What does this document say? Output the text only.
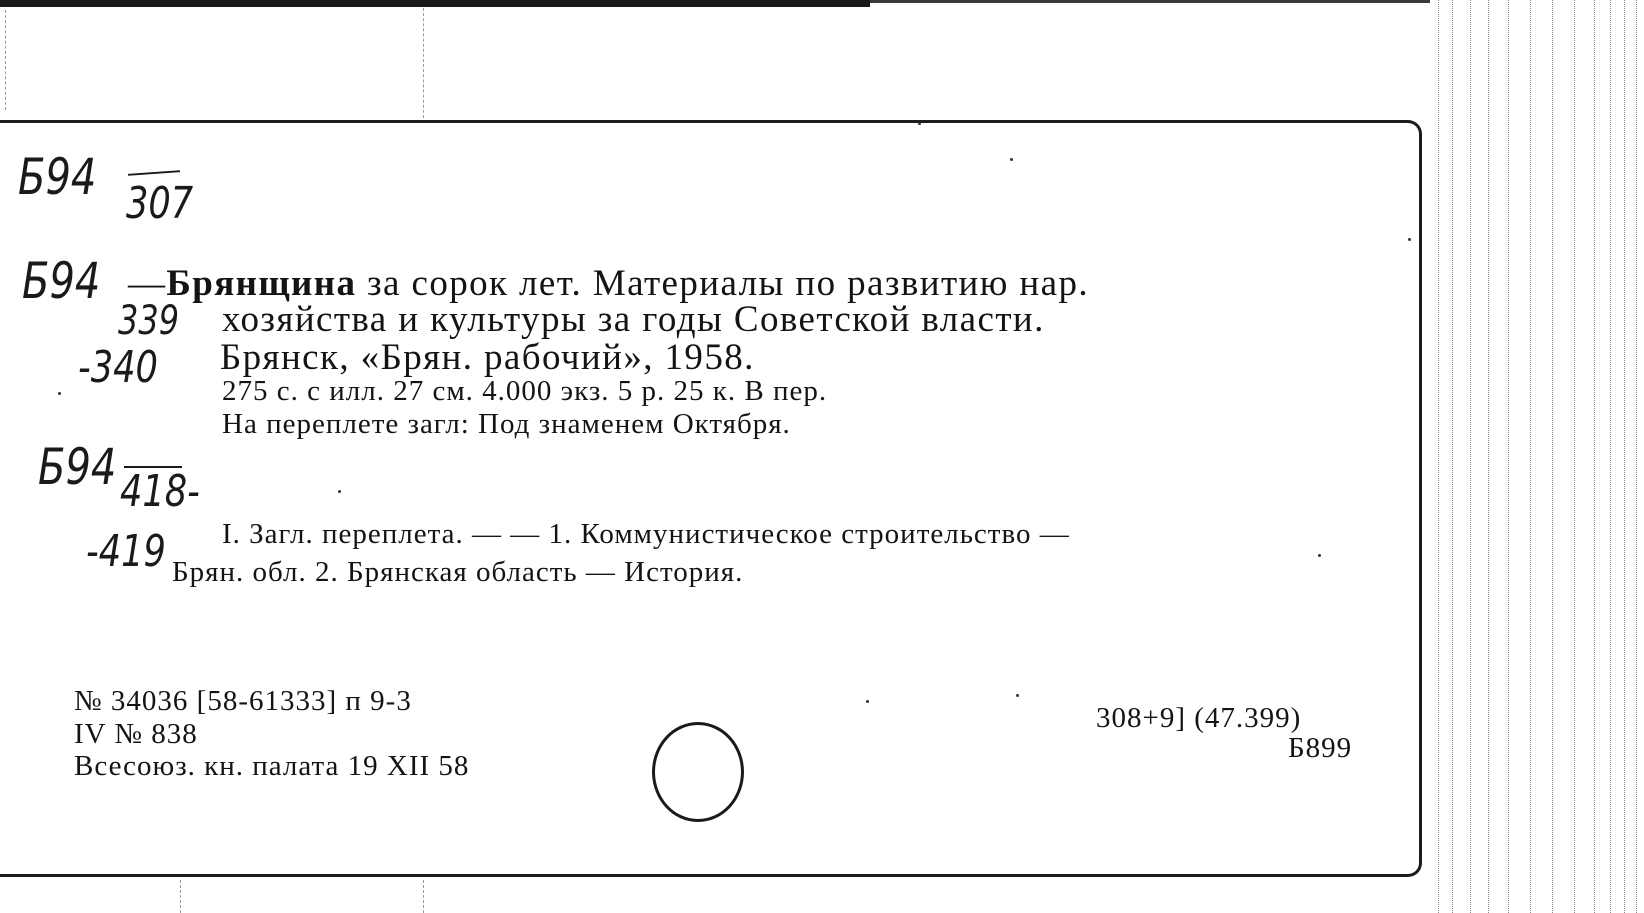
Б94 307
Б94
339
-340
Б94 418-
-419
—Брянщина за сорок лет. Материалы по развитию нар.
хозяйства и культуры за годы Советской власти.
Брянск, «Брян. рабочий», 1958.
275 с. с илл. 27 см. 4.000 экз. 5 р. 25 к. В пер.
На переплете загл: Под знаменем Октября.
I. Загл. переплета. — — 1. Коммунистическое строительство —
Брян. обл. 2. Брянская область — История.
№ 34036 [58-61333] п 9-3
IV № 838
Всесоюз. кн. палата 19 XII 58
308+9] (47.399)
Б899
